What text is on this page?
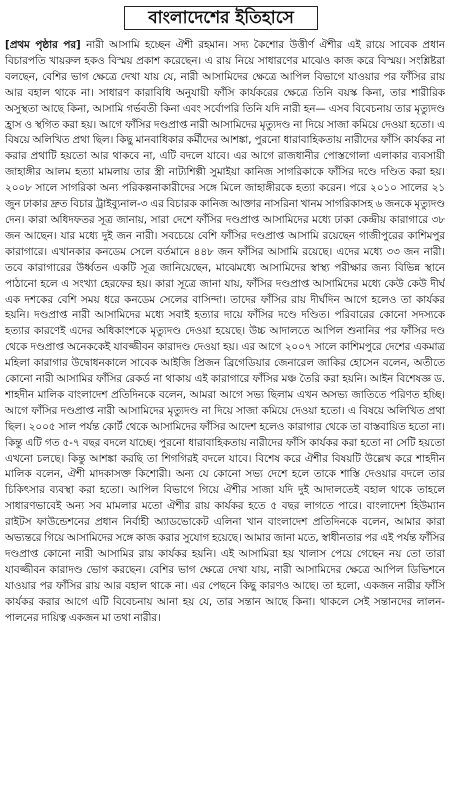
বাংলাদেশের ইতিহাসে

[প্রথম পৃষ্ঠার পর] নারী আসামি হচ্ছেন ঐশী রহমান। সদ্য কৈশোর উত্তীর্ণ ঐশীর এই রায়ে সাবেক প্রধান বিচারপতি খায়রুল হকও বিস্ময় প্রকাশ করেছেন। এ রায় নিয়ে সাধারণের মাঝেও কাজ করে বিস্ময়। সংশ্লিষ্টরা বলছেন, বেশির ভাগ ক্ষেত্রে দেখা যায় যে, নারী আসামিদের ক্ষেত্রে আপিল বিভাগে যাওয়ার পর ফাঁসির রায় আর বহাল থাকে না। সাধারণ কারাবিধি অনুযায়ী ফাঁসি কার্যকরের ক্ষেত্রে তিনি বয়স্ক কিনা, তার শারীরিক অসুস্থতা আছে কিনা, আসামি গর্ভবতী কিনা এবং সর্বোপরি তিনি যদি নারী হন— এসব বিবেচনায় তার মৃত্যুদণ্ড হ্রাস ও স্থগিত করা হয়। আগে ফাঁসির দণ্ডপ্রাপ্ত নারী আসামিদের মৃত্যুদণ্ড না দিয়ে সাজা কমিয়ে দেওয়া হতো। এ বিষয়ে অলিখিত প্রথা ছিল। কিছু মানবাধিকার কর্মীদের আশঙ্কা, পুরনো ধারাবাহিকতায় নারীদের ফাঁসি কার্যকর না করার প্রথাটি হয়তো আর থাকবে না, এটি বদলে যাবে। এর আগে রাজধানীর পোস্তগোলা এলাকার ব্যবসায়ী জাহাঙ্গীর আলম হত্যা মামলায় তার স্ত্রী নাট্যশিল্পী সুমাইয়া কানিজ সাগরিকাকে ফাঁসির দণ্ডে দণ্ডিত করা হয়। ২০০৮ সালে সাগরিকা অন্য পরিকল্পনাকারীদের সঙ্গে মিলে জাহাঙ্গীরকে হত্যা করেন। পরে ২০১০ সালের ২১ জুন ঢাকার দ্রুত বিচার ট্রাইব্যুনাল-৩ এর বিচারক কানিজ আক্তার নাসরিনা খানম সাগরিকাসহ ৬ জনকে মৃত্যুদণ্ড দেন। কারা অধিদফতর সূত্র জানায়, সারা দেশে ফাঁসির দণ্ডপ্রাপ্ত আসামিদের মধ্যে ঢাকা কেন্দ্রীয় কারাগারে ৩৮ জন আছেন। যার মধ্যে দুই জন নারী। সবচেয়ে বেশি ফাঁসির দণ্ডপ্রাপ্ত আসামি রয়েছেন গাজীপুরের কাশিমপুর কারাগারে। এখানকার কনডেম সেলে বর্তমানে ৪৪৮ জন ফাঁসির আসামি রয়েছে। এদের মধ্যে ৩৩ জন নারী। তবে কারাগারের উর্ধ্বতন একটি সূত্র জানিয়েছেন, মাঝেমধ্যে আসামিদের স্বাস্থ্য পরীক্ষার জন্য বিভিন্ন স্থানে পাঠানো হলে এ সংখ্যা হেরফের হয়। কারা সূত্রে জানা যায়, ফাঁসির দণ্ডপ্রাপ্ত আসামিদের মধ্যে কেউ কেউ দীর্ঘ এক দশকের বেশি সময় ধরে কনডেম সেলের বাসিন্দা। তাদের ফাঁসির রায় দীর্ঘদিন আগে হলেও তা কার্যকর হয়নি। দণ্ডপ্রাপ্ত নারী আসামিদের মধ্যে সবাই হত্যার দায়ে ফাঁসির দণ্ডে দণ্ডিত। পরিবারের কোনো সদস্যকে হত্যার কারণেই এদের অধিকাংশকে মৃত্যুদণ্ড দেওয়া হয়েছে। উচ্চ আদালতে আপিল শুনানির পর ফাঁসির দণ্ড থেকে দণ্ডপ্রাপ্ত অনেককেই যাবজ্জীবন কারাদণ্ড দেওয়া হয়। এর আগে ২০০৭ সালে কাশিমপুরে দেশের একমাত্র মহিলা কারাগার উদ্বোধনকালে সাবেক আইজি প্রিজন ব্রিগেডিয়ার জেনারেল জাকির হোসেন বলেন, অতীতে কোনো নারী আসামির ফাঁসির রেকর্ড না থাকায় এই কারাগারে ফাঁসির মঞ্চ তৈরি করা হয়নি। আইন বিশেষজ্ঞ ড. শাহদীন মালিক বাংলাদেশ প্রতিদিনকে বলেন, আমরা আগে সভ্য ছিলাম এখন অসভ্য জাতিতে পরিণত হচ্ছি। আগে ফাঁসির দণ্ডপ্রাপ্ত নারী আসামিদের মৃত্যুদণ্ড না দিয়ে সাজা কমিয়ে দেওয়া হতো। এ বিষয়ে অলিখিত প্রথা ছিল। ২০০৫ সাল পর্যন্ত কোর্ট থেকে আসামিদের ফাঁসির আদেশ হলেও কারাগার থেকে তা বাস্তবায়িত হতো না। কিন্তু এটি গত ৫-৭ বছর বদলে যাচ্ছে। পুরনো ধারাবাহিকতায় নারীদের ফাঁসি কার্যকর করা হতো না সেটি হয়তো এখনো চলছে। কিন্তু আশঙ্কা করছি তা শিগগিরই বদলে যাবে। বিশেষ করে ঐশীর বিষয়টি উল্লেখ করে শাহদীন মালিক বলেন, ঐশী মাদকাসক্ত কিশোরী। অন্য যে কোনো সভ্য দেশে হলে তাকে শাস্তি দেওয়ার বদলে তার চিকিৎসার ব্যবস্থা করা হতো। আপিল বিভাগে গিয়ে ঐশীর সাজা যদি দুই আদালতেই বহাল থাকে তাহলে সাধারণভাবেই অন্য সব মামলার মতো ঐশীর রায় কার্যকর হতে ৫ বছর লাগতে পারে। বাংলাদেশ হিউম্যান রাইটস ফাউন্ডেশনের প্রধান নির্বাহী অ্যাডভোকেট এলিনা খান বাংলাদেশ প্রতিদিনকে বলেন, আমার কারা অভ্যন্তরে গিয়ে আসামিদের সঙ্গে কাজ করার সুযোগ হয়েছে। আমার জানা মতে, স্বাধীনতার পর এই পর্যন্ত ফাঁসির দণ্ডপ্রাপ্ত কোনো নারী আসামির রায় কার্যকর হয়নি। এই আসামিরা হয় খালাস পেয়ে গেছেন নয় তো তারা যাবজ্জীবন কারাদণ্ড ভোগ করছেন। বেশির ভাগ ক্ষেত্রে দেখা যায়, নারী আসামিদের ক্ষেত্রে আপিল ডিভিশনে যাওয়ার পর ফাঁসির রায় আর বহাল থাকে না। এর পেছনে কিছু কারণও আছে। তা হলো, একজন নারীর ফাঁসি কার্যকর করার আগে এটি বিবেচনায় আনা হয় যে, তার সন্তান আছে কিনা। থাকলে সেই সন্তানদের লালন-পালনের দায়িত্ব একজন মা তথা নারীর।
